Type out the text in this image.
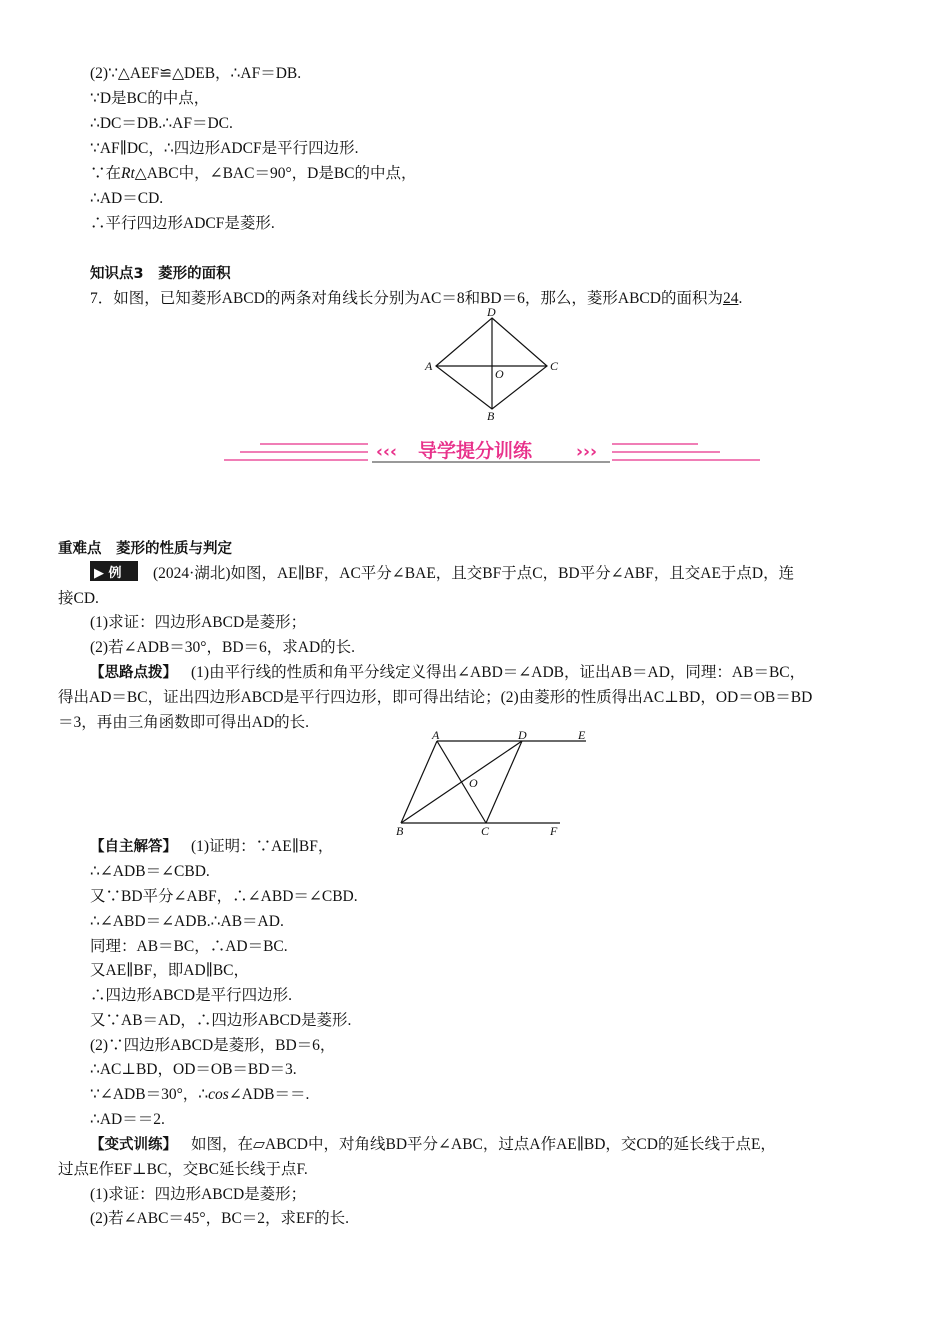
(2)∵△AEF≌△DEB，∴AF＝DB.
∵D是BC的中点，
∴DC＝DB.∴AF＝DC.
∵AF∥DC，∴四边形ADCF是平行四边形.
∵在Rt△ABC中，∠BAC＝90°，D是BC的中点，
∴AD＝CD.
∴平行四边形ADCF是菱形.
知识点3　菱形的面积
7．如图，已知菱形ABCD的两条对角线长分别为AC＝8和BD＝6，那么，菱形ABCD的面积为24.
D
A	C
B
O
‹‹‹ 导学提分训练	›››
重难点　菱形的性质与判定
▶ 例 (2024·湖北)如图，AE∥BF，AC平分∠BAE，且交BF于点C，BD平分∠ABF，且交AE于点D，连
接CD.
(1)求证：四边形ABCD是菱形；
(2)若∠ADB＝30°，BD＝6，求AD的长.
【思路点拨】 (1)由平行线的性质和角平分线定义得出∠ABD＝∠ADB，证出AB＝AD，同理：AB＝BC，
得出AD＝BC，证出四边形ABCD是平行四边形，即可得出结论；(2)由菱形的性质得出AC⊥BD，OD＝OB＝BD
＝3，再由三角函数即可得出AD的长.
A	D	E
O
B	C	F
【自主解答】 (1)证明：∵AE∥BF，
∴∠ADB＝∠CBD.
又∵BD平分∠ABF，∴∠ABD＝∠CBD.
∴∠ABD＝∠ADB.∴AB＝AD.
同理：AB＝BC，∴AD＝BC.
又AE∥BF，即AD∥BC，
∴四边形ABCD是平行四边形.
又∵AB＝AD，∴四边形ABCD是菱形.
(2)∵四边形ABCD是菱形，BD＝6，
∴AC⊥BD，OD＝OB＝BD＝3.
∵∠ADB＝30°，∴cos∠ADB＝＝.
∴AD＝＝2.
【变式训练】 如图，在▱ABCD中，对角线BD平分∠ABC，过点A作AE∥BD，交CD的延长线于点E，
过点E作EF⊥BC，交BC延长线于点F.
(1)求证：四边形ABCD是菱形；
(2)若∠ABC＝45°，BC＝2，求EF的长.
